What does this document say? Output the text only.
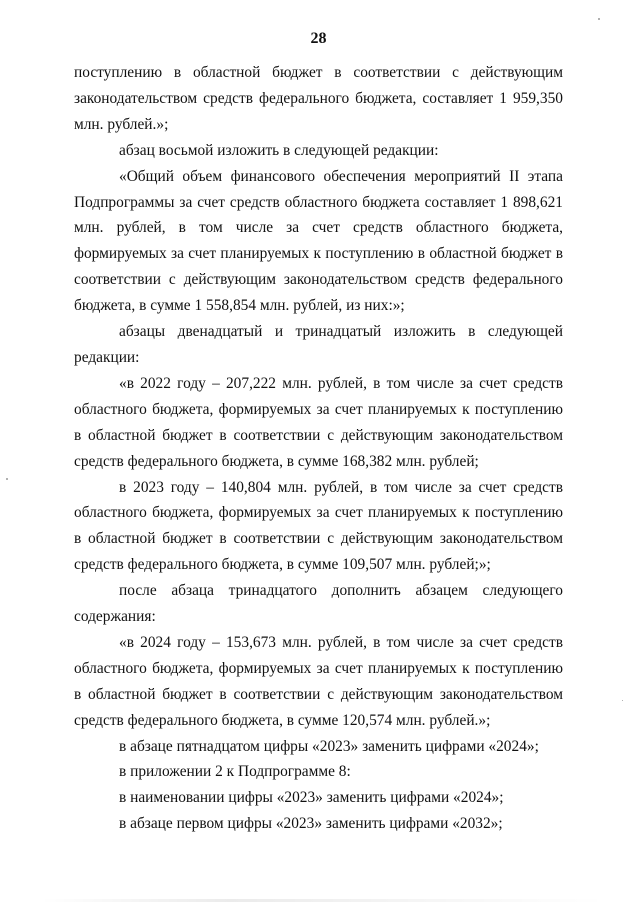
28

поступлению в областной бюджет в соответствии с действующим законодательством средств федерального бюджета, составляет 1 959,350 млн. рублей.»;

абзац восьмой изложить в следующей редакции:

«Общий объем финансового обеспечения мероприятий II этапа Подпрограммы за счет средств областного бюджета составляет 1 898,621 млн. рублей, в том числе за счет средств областного бюджета, формируемых за счет планируемых к поступлению в областной бюджет в соответствии с действующим законодательством средств федерального бюджета, в сумме 1 558,854 млн. рублей, из них:»;

абзацы двенадцатый и тринадцатый изложить в следующей редакции:

«в 2022 году – 207,222 млн. рублей, в том числе за счет средств областного бюджета, формируемых за счет планируемых к поступлению в областной бюджет в соответствии с действующим законодательством средств федерального бюджета, в сумме 168,382 млн. рублей;

в 2023 году – 140,804 млн. рублей, в том числе за счет средств областного бюджета, формируемых за счет планируемых к поступлению в областной бюджет в соответствии с действующим законодательством средств федерального бюджета, в сумме 109,507 млн. рублей;»;

после абзаца тринадцатого дополнить абзацем следующего содержания:

«в 2024 году – 153,673 млн. рублей, в том числе за счет средств областного бюджета, формируемых за счет планируемых к поступлению в областной бюджет в соответствии с действующим законодательством средств федерального бюджета, в сумме 120,574 млн. рублей.»;

в абзаце пятнадцатом цифры «2023» заменить цифрами «2024»;

в приложении 2 к Подпрограмме 8:

в наименовании цифры «2023» заменить цифрами «2024»;

в абзаце первом цифры «2023» заменить цифрами «2032»;
